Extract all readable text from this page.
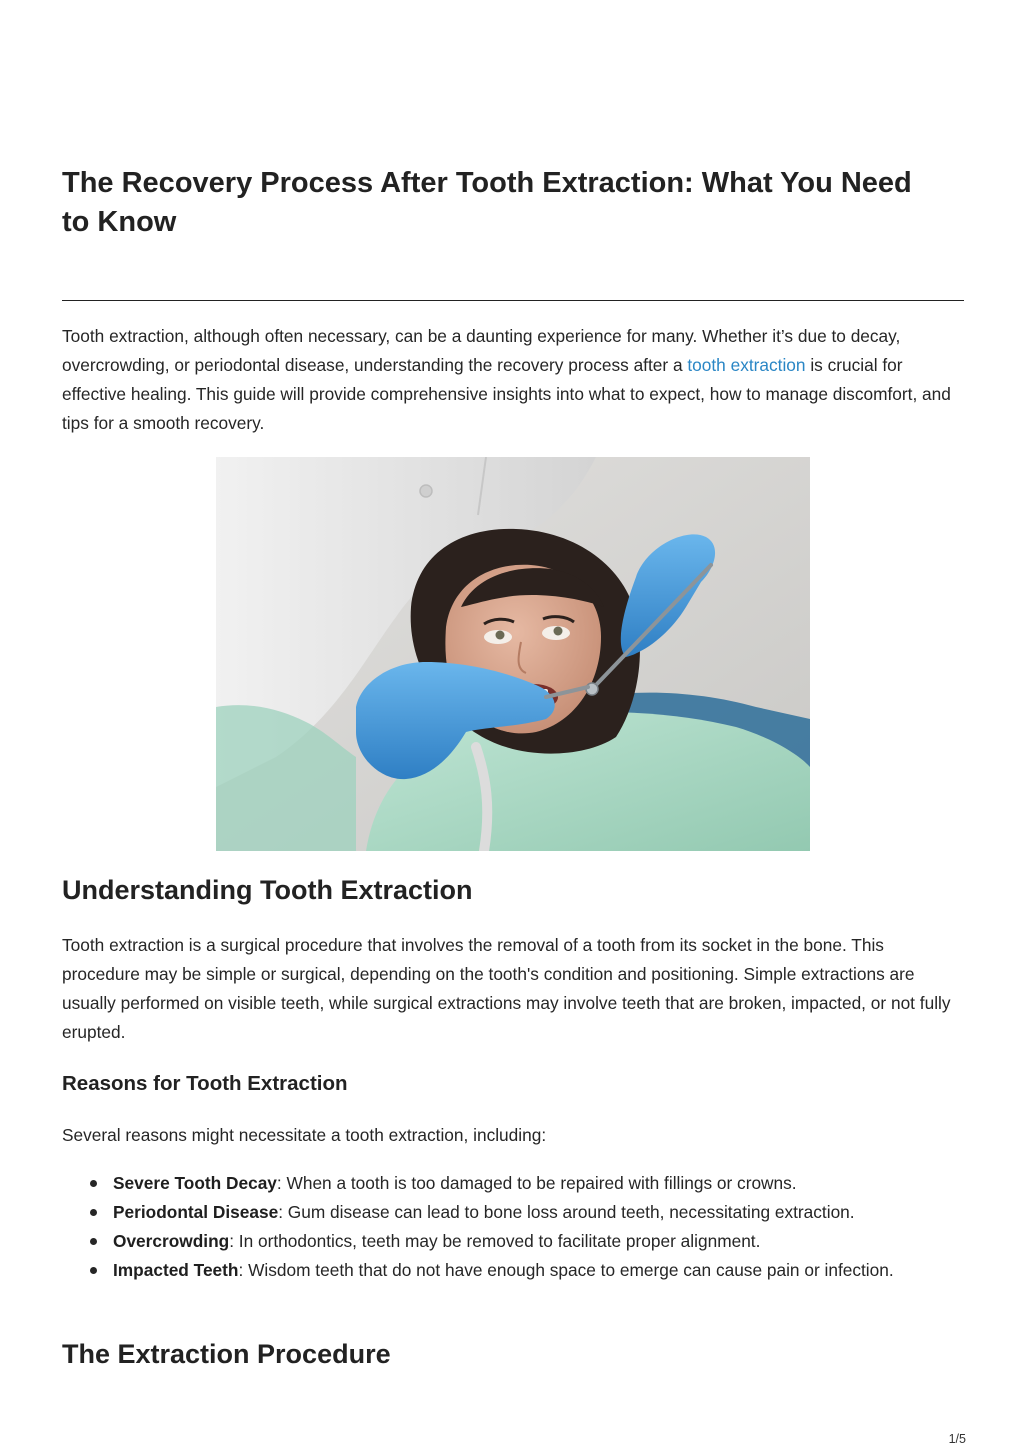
The Recovery Process After Tooth Extraction: What You Need to Know

Tooth extraction, although often necessary, can be a daunting experience for many. Whether it’s due to decay, overcrowding, or periodontal disease, understanding the recovery process after a tooth extraction is crucial for effective healing. This guide will provide comprehensive insights into what to expect, how to manage discomfort, and tips for a smooth recovery.

Understanding Tooth Extraction

Tooth extraction is a surgical procedure that involves the removal of a tooth from its socket in the bone. This procedure may be simple or surgical, depending on the tooth's condition and positioning. Simple extractions are usually performed on visible teeth, while surgical extractions may involve teeth that are broken, impacted, or not fully erupted.

Reasons for Tooth Extraction

Several reasons might necessitate a tooth extraction, including:

Severe Tooth Decay: When a tooth is too damaged to be repaired with fillings or crowns.
Periodontal Disease: Gum disease can lead to bone loss around teeth, necessitating extraction.
Overcrowding: In orthodontics, teeth may be removed to facilitate proper alignment.
Impacted Teeth: Wisdom teeth that do not have enough space to emerge can cause pain or infection.
The Extraction Procedure
1/5
